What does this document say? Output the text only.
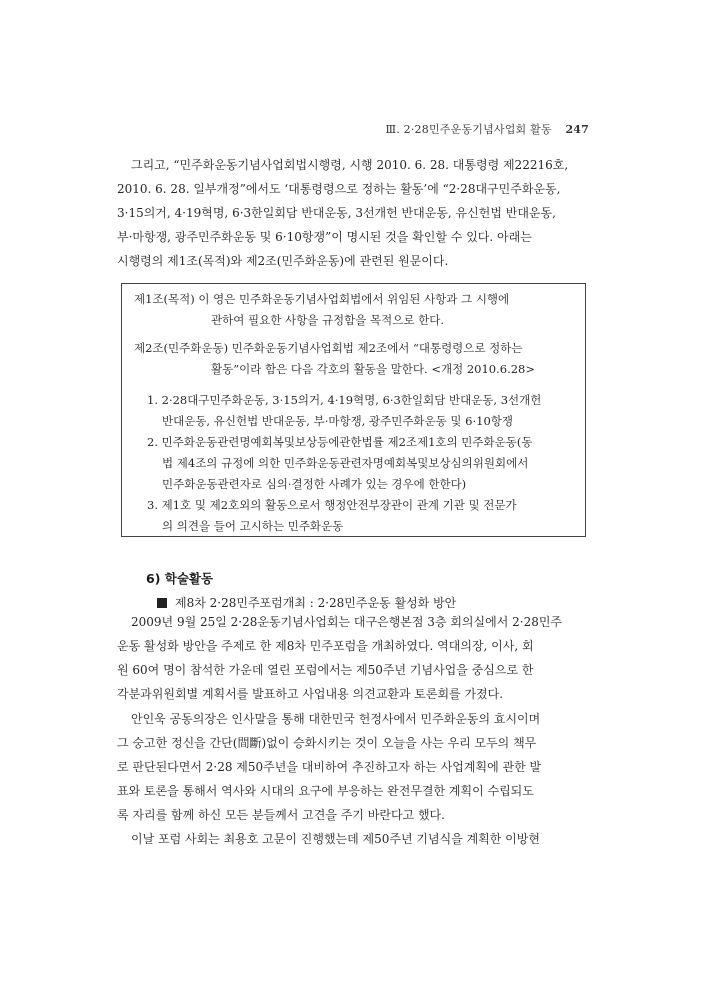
Ⅲ. 2·28민주운동기념사업회 활동 247
그리고, “민주화운동기념사업회법시행령, 시행 2010. 6. 28. 대통령령 제22216호,
2010. 6. 28. 일부개정”에서도 ‘대통령령으로 정하는 활동’에 “2·28대구민주화운동,
3·15의거, 4·19혁명, 6·3한일회담 반대운동, 3선개헌 반대운동, 유신헌법 반대운동,
부·마항쟁, 광주민주화운동 및 6·10항쟁”이 명시된 것을 확인할 수 있다. 아래는
시행령의 제1조(목적)와 제2조(민주화운동)에 관련된 원문이다.
제1조(목적) 이 영은 민주화운동기념사업회법에서 위임된 사항과 그 시행에
관하여 필요한 사항을 규정함을 목적으로 한다.
제2조(민주화운동) 민주화운동기념사업회법 제2조에서 “대통령령으로 정하는
활동”이라 함은 다음 각호의 활동을 말한다. <개정 2010.6.28>
1. 2·28대구민주화운동, 3·15의거, 4·19혁명, 6·3한일회담 반대운동, 3선개헌
반대운동, 유신헌법 반대운동, 부·마항쟁, 광주민주화운동 및 6·10항쟁
2. 민주화운동관련명예회복및보상등에관한법률 제2조제1호의 민주화운동(동
법 제4조의 규정에 의한 민주화운동관련자명예회복및보상심의위원회에서
민주화운동관련자로 심의·결정한 사례가 있는 경우에 한한다)
3. 제1호 및 제2호외의 활동으로서 행정안전부장관이 관계 기관 및 전문가
의 의견을 들어 고시하는 민주화운동
6) 학술활동
제8차 2·28민주포럼개최 : 2·28민주운동 활성화 방안
2009년 9월 25일 2·28운동기념사업회는 대구은행본점 3층 회의실에서 2·28민주
운동 활성화 방안을 주제로 한 제8차 민주포럼을 개최하였다. 역대의장, 이사, 회
원 60여 명이 참석한 가운데 열린 포럼에서는 제50주년 기념사업을 중심으로 한
각분과위원회별 계획서를 발표하고 사업내용 의견교환과 토론회를 가졌다.
안인욱 공동의장은 인사말을 통해 대한민국 헌정사에서 민주화운동의 효시이며
그 숭고한 정신을 간단(間斷)없이 승화시키는 것이 오늘을 사는 우리 모두의 책무
로 판단된다면서 2·28 제50주년을 대비하여 추진하고자 하는 사업계획에 관한 발
표와 토론을 통해서 역사와 시대의 요구에 부응하는 완전무결한 계획이 수립되도
록 자리를 함께 하신 모든 분들께서 고견을 주기 바란다고 했다.
이날 포럼 사회는 최용호 고문이 진행했는데 제50주년 기념식을 계획한 이방현
